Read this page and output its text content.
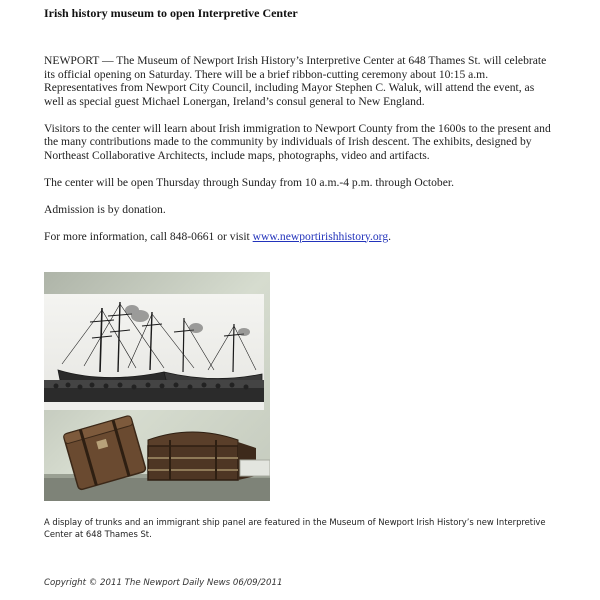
Irish history museum to open Interpretive Center

NEWPORT — The Museum of Newport Irish History’s Interpretive Center at 648 Thames St. will celebrate its official opening on Saturday. There will be a brief ribbon-cutting ceremony about 10:15 a.m. Representatives from Newport City Council, including Mayor Stephen C. Waluk, will attend the event, as well as special guest Michael Lonergan, Ireland’s consul general to New England.

Visitors to the center will learn about Irish immigration to Newport County from the 1600s to the present and the many contributions made to the community by individuals of Irish descent. The exhibits, designed by Northeast Collaborative Architects, include maps, photographs, video and artifacts.

The center will be open Thursday through Sunday from 10 a.m.-4 p.m. through October.

Admission is by donation.

For more information, call 848-0661 or visit www.newportirishhistory.org.

A display of trunks and an immigrant ship panel are featured in the Museum of Newport Irish History’s new Interpretive Center at 648 Thames St.
Copyright © 2011 The Newport Daily News 06/09/2011
